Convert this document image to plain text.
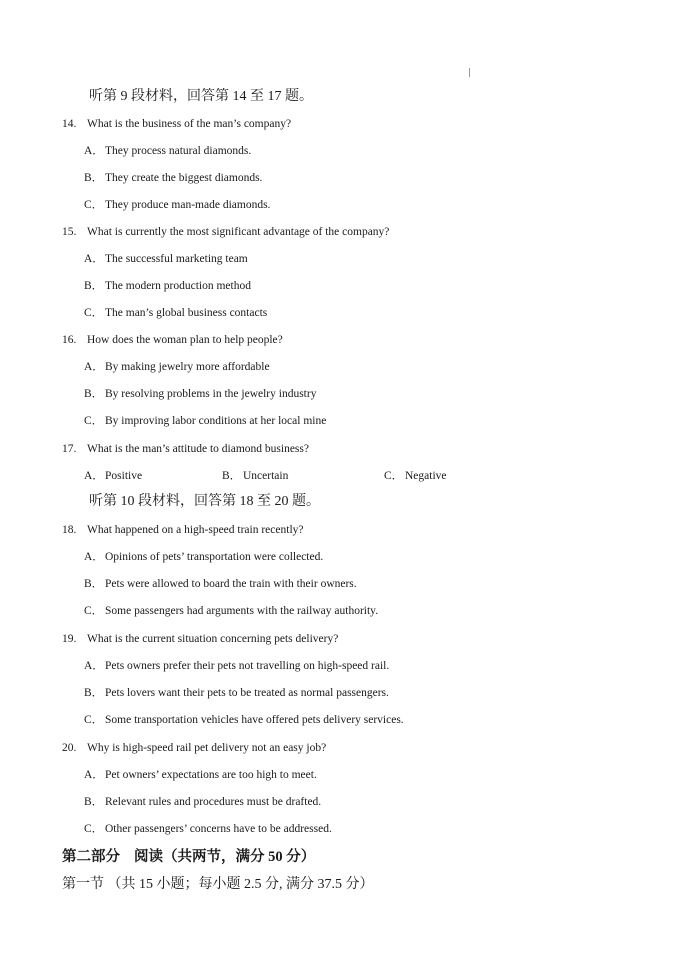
听第 9 段材料，回答第 14 至 17 题。
14. What is the business of the man’s company?
A．They process natural diamonds.
B． They create the biggest diamonds.
C． They produce man-made diamonds.
15. What is currently the most significant advantage of the company?
A．The successful marketing team
B． The modern production method
C． The man’s global business contacts
16. How does the woman plan to help people?
A．By making jewelry more affordable
B． By resolving problems in the jewelry industry
C． By improving labor conditions at her local mine
17. What is the man’s attitude to diamond business?
A．Positive	B． Uncertain	C． Negative
听第 10 段材料，回答第 18 至 20 题。
18. What happened on a high-speed train recently?
A．Opinions of pets’ transportation were collected.
B． Pets were allowed to board the train with their owners.
C． Some passengers had arguments with the railway authority.
19. What is the current situation concerning pets delivery?
A．Pets owners prefer their pets not travelling on high-speed rail.
B． Pets lovers want their pets to be treated as normal passengers.
C． Some transportation vehicles have offered pets delivery services.
20. Why is high-speed rail pet delivery not an easy job?
A．Pet owners’ expectations are too high to meet.
B． Relevant rules and procedures must be drafted.
C． Other passengers’ concerns have to be addressed.
第二部分 阅读（共两节，满分 50 分）
第一节 （共 15 小题；每小题 2.5 分, 满分 37.5 分）
